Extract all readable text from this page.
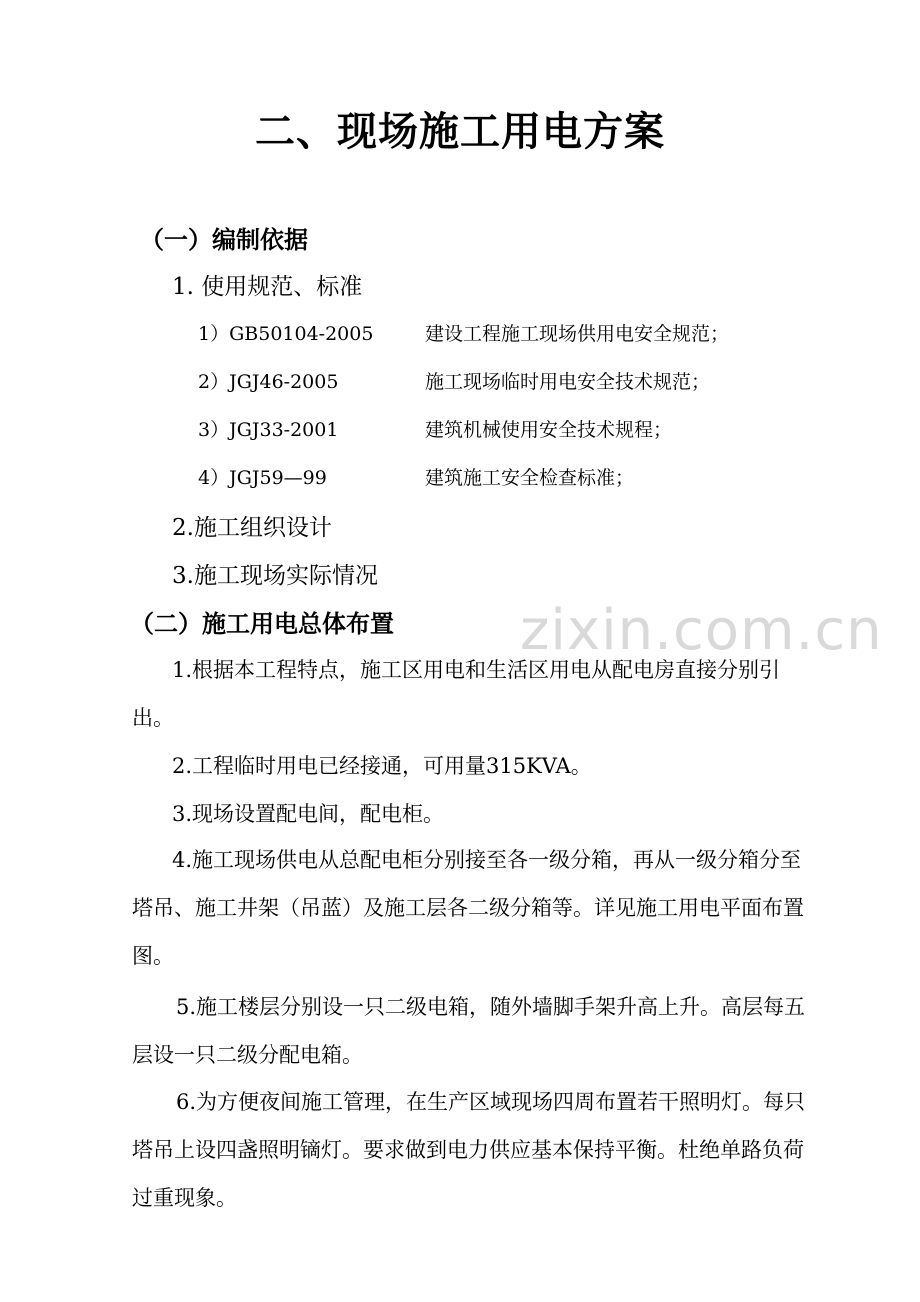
zixin.com.cn
二、现场施工用电方案
（一）编制依据
1. 使用规范、标准
1）GB50104-2005	建设工程施工现场供用电安全规范；
2）JGJ46-2005	施工现场临时用电安全技术规范；
3）JGJ33-2001	建筑机械使用安全技术规程；
4）JGJ59—99	建筑施工安全检查标准；
2.施工组织设计
3.施工现场实际情况
（二）施工用电总体布置
1.根据本工程特点，施工区用电和生活区用电从配电房直接分别引出。
2.工程临时用电已经接通，可用量315KVA。
3.现场设置配电间，配电柜。
4.施工现场供电从总配电柜分别接至各一级分箱，再从一级分箱分至塔吊、施工井架（吊蓝）及施工层各二级分箱等。详见施工用电平面布置图。
5.施工楼层分别设一只二级电箱，随外墙脚手架升高上升。高层每五层设一只二级分配电箱。
6.为方便夜间施工管理，在生产区域现场四周布置若干照明灯。每只塔吊上设四盏照明镝灯。要求做到电力供应基本保持平衡。杜绝单路负荷过重现象。
